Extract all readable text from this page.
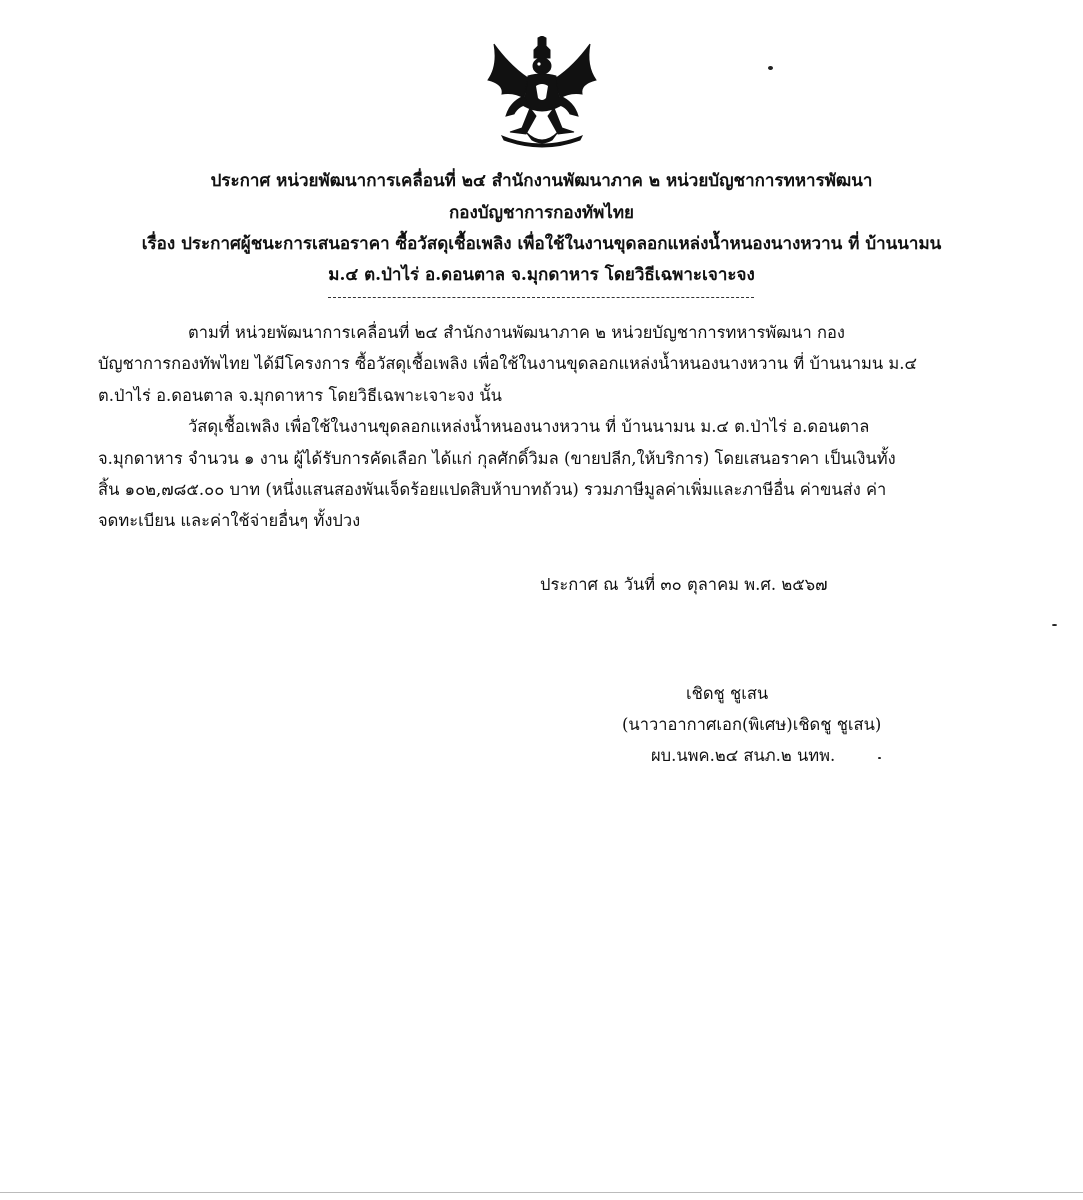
ประกาศ หน่วยพัฒนาการเคลื่อนที่ ๒๔ สำนักงานพัฒนาภาค ๒ หน่วยบัญชาการทหารพัฒนา
กองบัญชาการกองทัพไทย
เรื่อง ประกาศผู้ชนะการเสนอราคา ซื้อวัสดุเชื้อเพลิง เพื่อใช้ในงานขุดลอกแหล่งน้ำหนองนางหวาน ที่ บ้านนามน
ม.๔ ต.ป่าไร่ อ.ดอนตาล จ.มุกดาหาร โดยวิธีเฉพาะเจาะจง
ตามที่ หน่วยพัฒนาการเคลื่อนที่ ๒๔ สำนักงานพัฒนาภาค ๒ หน่วยบัญชาการทหารพัฒนา กอง
บัญชาการกองทัพไทย ได้มีโครงการ ซื้อวัสดุเชื้อเพลิง เพื่อใช้ในงานขุดลอกแหล่งน้ำหนองนางหวาน ที่ บ้านนามน ม.๔
ต.ป่าไร่ อ.ดอนตาล จ.มุกดาหาร โดยวิธีเฉพาะเจาะจง นั้น
วัสดุเชื้อเพลิง เพื่อใช้ในงานขุดลอกแหล่งน้ำหนองนางหวาน ที่ บ้านนามน ม.๔ ต.ป่าไร่ อ.ดอนตาล
จ.มุกดาหาร จำนวน ๑ งาน ผู้ได้รับการคัดเลือก ได้แก่ กุลศักดิ์วิมล (ขายปลีก,ให้บริการ) โดยเสนอราคา เป็นเงินทั้ง
สิ้น ๑๐๒,๗๘๕.๐๐ บาท (หนึ่งแสนสองพันเจ็ดร้อยแปดสิบห้าบาทถ้วน) รวมภาษีมูลค่าเพิ่มและภาษีอื่น ค่าขนส่ง ค่า
จดทะเบียน และค่าใช้จ่ายอื่นๆ ทั้งปวง
ประกาศ ณ วันที่ ๓๐ ตุลาคม พ.ศ. ๒๕๖๗
เชิดชู ชูเสน
(นาวาอากาศเอก(พิเศษ)เชิดชู ชูเสน)
ผบ.นพค.๒๔ สนภ.๒ นทพ.
